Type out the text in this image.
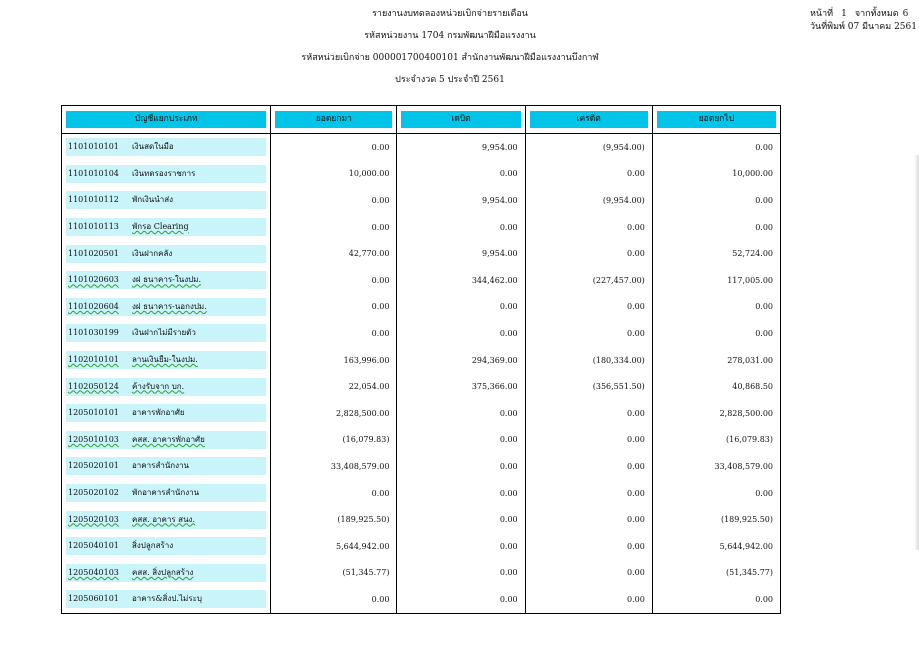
รายงานงบทดลองหน่วยเบิกจ่ายรายเดือน
รหัสหน่วยงาน 1704 กรมพัฒนาฝีมือแรงงาน
รหัสหน่วยเบิกจ่าย 000001700400101 สำนักงานพัฒนาฝีมือแรงงานบึงกาฬ
ประจำงวด 5 ประจำปี 2561
หน้าที่ 1 จากทั้งหมด 6
วันที่พิมพ์ 07 มีนาคม 2561
บัญชีแยกประเภท	ยอดยกมา	เดบิต	เครดิต	ยอดยกไป

1101010101 เงินสดในมือ	0.00	9,954.00	(9,954.00)	0.00

1101010104 เงินทดรองราชการ	10,000.00	0.00	0.00	10,000.00

1101010112 พักเงินนำส่ง	0.00	9,954.00	(9,954.00)	0.00

1101010113 พักรอ Clearing	0.00	0.00	0.00	0.00

1101020501 เงินฝากคลัง	42,770.00	9,954.00	0.00	52,724.00

1101020603 งฝ ธนาคาร-ในงปม.	0.00	344,462.00	(227,457.00)	117,005.00

1101020604 งฝ ธนาคาร-นอกงปม.	0.00	0.00	0.00	0.00

1101030199 เงินฝากไม่มีรายตัว	0.00	0.00	0.00	0.00

1102010101 ลานเงินยืม-ในงปม.	163,996.00	294,369.00	(180,334.00)	278,031.00

1102050124 ค้างรับจาก บก.	22,054.00	375,366.00	(356,551.50)	40,868.50

1205010101 อาคารพักอาศัย	2,828,500.00	0.00	0.00	2,828,500.00

1205010103 คสส. อาคารพักอาศัย	(16,079.83)	0.00	0.00	(16,079.83)

1205020101 อาคารสำนักงาน	33,408,579.00	0.00	0.00	33,408,579.00

1205020102 พักอาคารสำนักงาน	0.00	0.00	0.00	0.00

1205020103 คสส. อาคาร สนง.	(189,925.50)	0.00	0.00	(189,925.50)

1205040101 สิ่งปลูกสร้าง	5,644,942.00	0.00	0.00	5,644,942.00

1205040103 คสส. สิ่งปลูกสร้าง	(51,345.77)	0.00	0.00	(51,345.77)

1205060101 อาคาร&สิ่งป.ไม่ระบุ	0.00	0.00	0.00	0.00
